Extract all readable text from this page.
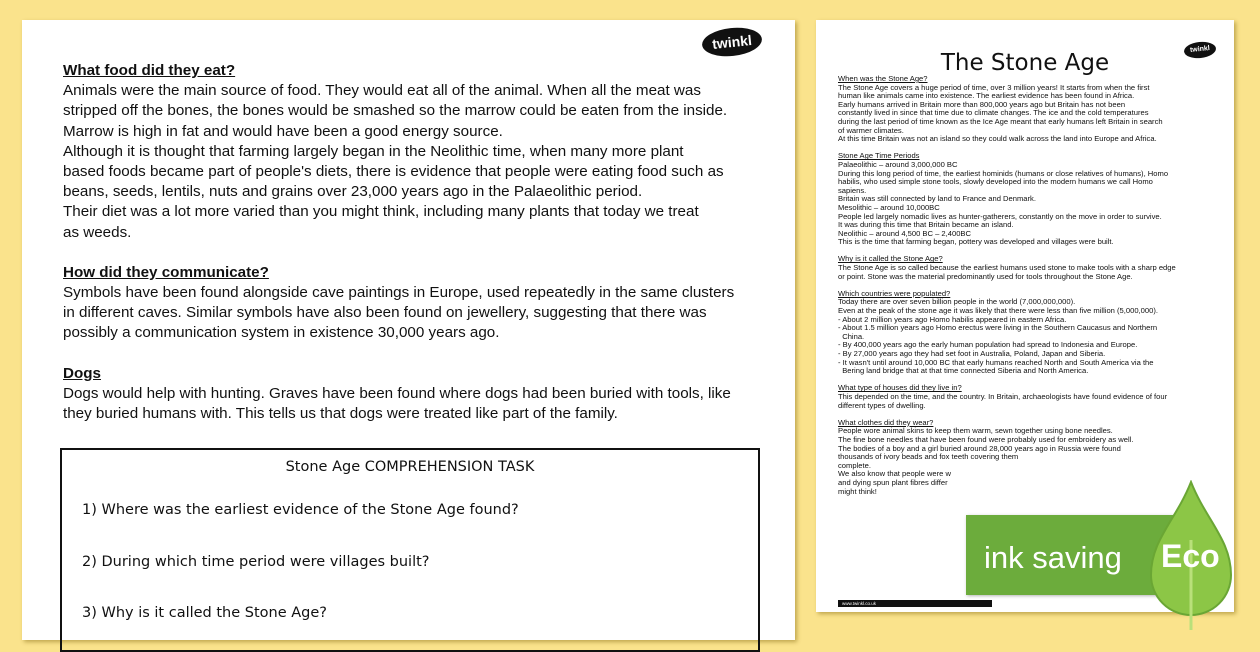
twinkl
What food did they eat?

Animals were the main source of food. They would eat all of the animal. When all the meat was

stripped off the bones, the bones would be smashed so the marrow could be eaten from the inside.

Marrow is high in fat and would have been a good energy source.

Although it is thought that farming largely began in the Neolithic time, when many more plant

based foods became part of people's diets, there is evidence that people were eating food such as

beans, seeds, lentils, nuts and grains over 23,000 years ago in the Palaeolithic period.

Their diet was a lot more varied than you might think, including many plants that today we treat

as weeds.

How did they communicate?

Symbols have been found alongside cave paintings in Europe, used repeatedly in the same clusters

in different caves. Similar symbols have also been found on jewellery, suggesting that there was

possibly a communication system in existence 30,000 years ago.

Dogs

Dogs would help with hunting. Graves have been found where dogs had been buried with tools, like

they buried humans with. This tells us that dogs were treated like part of the family.

Stone Age COMPREHENSION TASK
1) Where was the earliest evidence of the Stone Age found?
2) During which time period were villages built?
3) Why is it called the Stone Age?
The Stone Age
twinkl
When was the Stone Age?

The Stone Age covers a huge period of time, over 3 million years! It starts from when the first

human like animals came into existence. The earliest evidence has been found in Africa.

Early humans arrived in Britain more than 800,000 years ago but Britain has not been

constantly lived in since that time due to climate changes. The ice and the cold temperatures

during the last period of time known as the Ice Age meant that early humans left Britain in search

of warmer climates.

At this time Britain was not an island so they could walk across the land into Europe and Africa.

Stone Age Time Periods

Palaeolithic – around 3,000,000 BC

During this long period of time, the earliest hominids (humans or close relatives of humans), Homo

habilis, who used simple stone tools, slowly developed into the modern humans we call Homo

sapiens.

Britain was still connected by land to France and Denmark.

Mesolithic – around 10,000BC

People led largely nomadic lives as hunter-gatherers, constantly on the move in order to survive.

It was during this time that Britain became an island.

Neolithic – around 4,500 BC – 2,400BC

This is the time that farming began, pottery was developed and villages were built.

Why is it called the Stone Age?

The Stone Age is so called because the earliest humans used stone to make tools with a sharp edge

or point. Stone was the material predominantly used for tools throughout the Stone Age.

Which countries were populated?

Today there are over seven billion people in the world (7,000,000,000).

Even at the peak of the stone age it was likely that there were less than five million (5,000,000).

- About 2 million years ago Homo habilis appeared in eastern Africa.

- About 1.5 million years ago Homo erectus were living in the Southern Caucasus and Northern

China.

- By 400,000 years ago the early human population had spread to Indonesia and Europe.

- By 27,000 years ago they had set foot in Australia, Poland, Japan and Siberia.

- It wasn't until around 10,000 BC that early humans reached North and South America via the

Bering land bridge that at that time connected Siberia and North America.

What type of houses did they live in?

This depended on the time, and the country. In Britain, archaeologists have found evidence of four

different types of dwelling.

What clothes did they wear?

People wore animal skins to keep them warm, sewn together using bone needles.

The fine bone needles that have been found were probably used for embroidery as well.

The bodies of a boy and a girl buried around 28,000 years ago in Russia were found

thousands of ivory beads and fox teeth covering them

complete.

We also know that people were w

and dying spun plant fibres differ

might think!

www.twinkl.co.uk
ink saving Eco
